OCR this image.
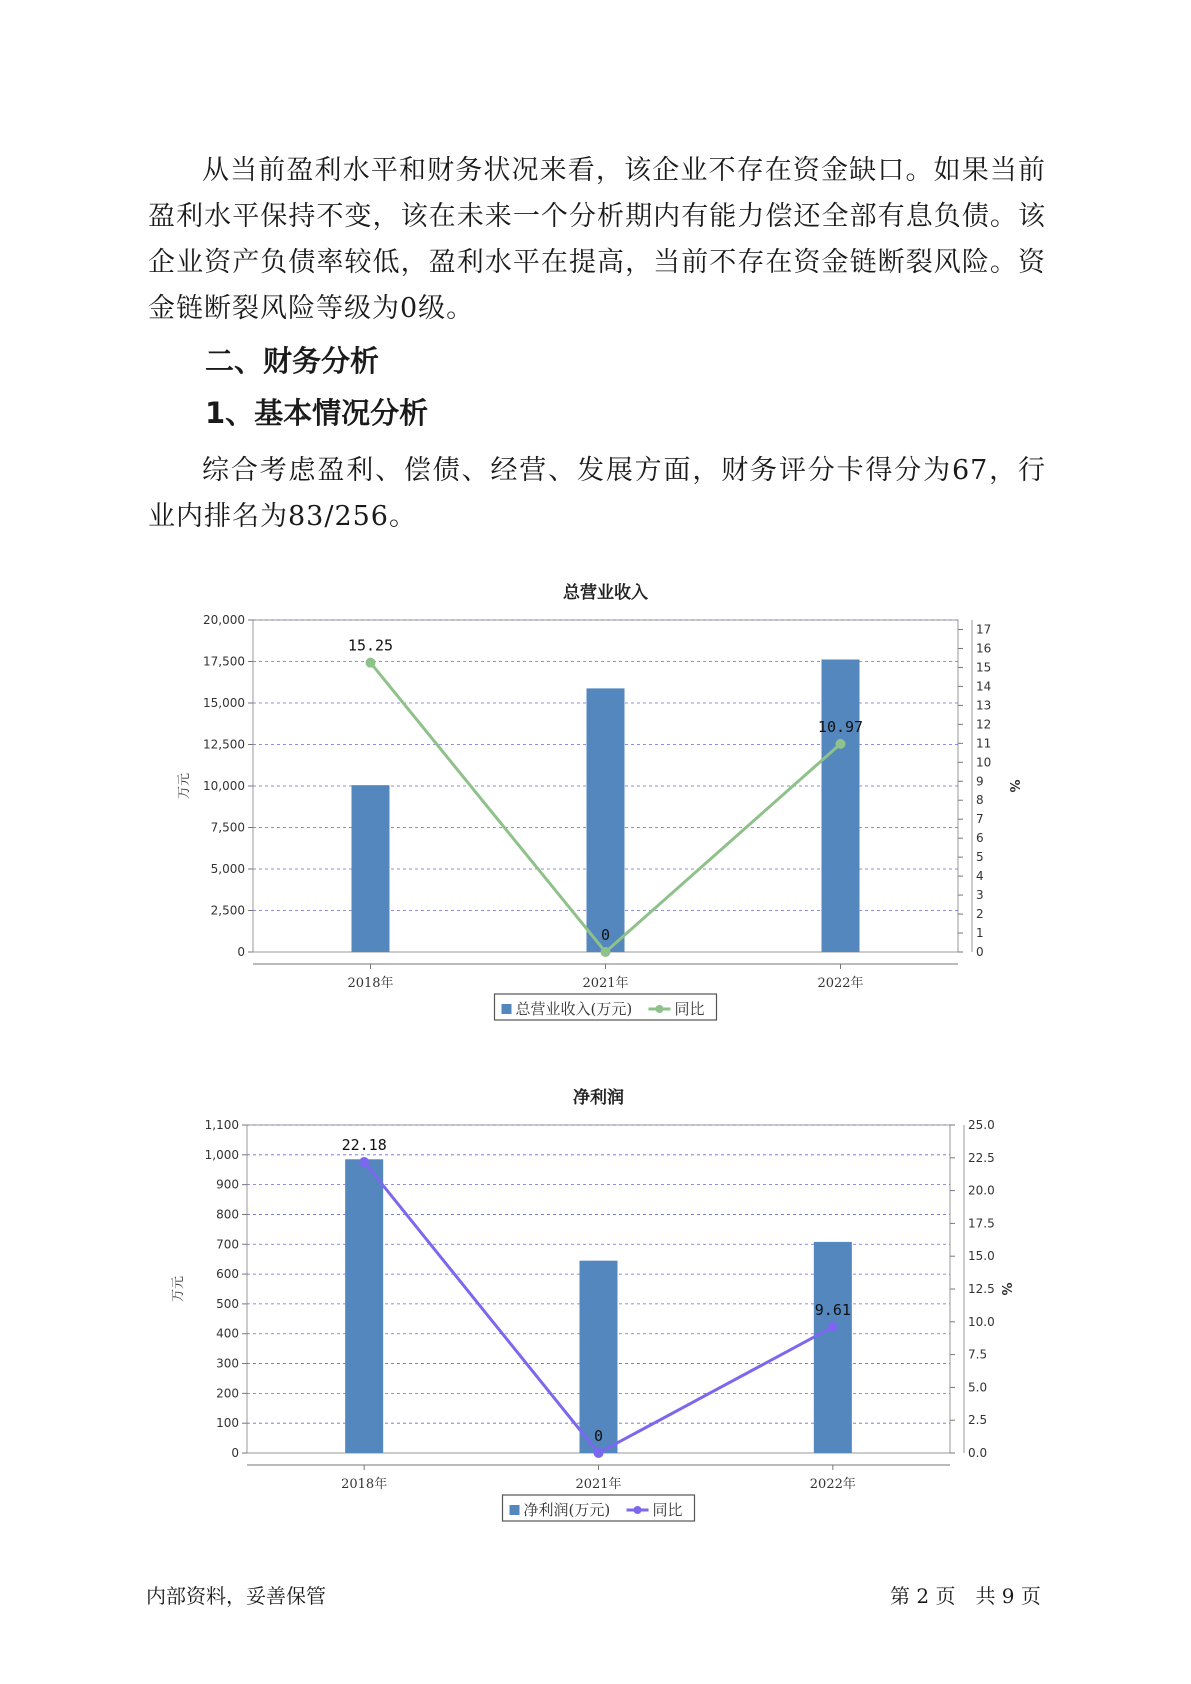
从当前盈利水平和财务状况来看，该企业不存在资金缺口。如果当前盈利水平保持不变，该在未来一个分析期内有能力偿还全部有息负债。该企业资产负债率较低，盈利水平在提高，当前不存在资金链断裂风险。资金链断裂风险等级为0级。

二、财务分析
1、基本情况分析

综合考虑盈利、偿债、经营、发展方面，财务评分卡得分为67，行业内排名为83/256。

总营业收入
0
2,500
5,000
7,500
10,000
12,500
15,000
17,500
20,000
0
1
2
3
4
5
6
7
8
9
10
11
12
13
14
15
16
17
万元	%
2018年	2021年	2022年
15.25
0
10.97
总营业收入(万元)	同比
净利润
0
100
200
300
400
500
600
700
800
900
1,000
1,100
0.0
2.5
5.0
7.5
10.0
12.5
15.0
17.5
20.0
22.5
25.0
万元	%
2018年	2021年	2022年
22.18
0
9.61
净利润(万元)	同比
内部资料，妥善保管	第 2 页　共 9 页
